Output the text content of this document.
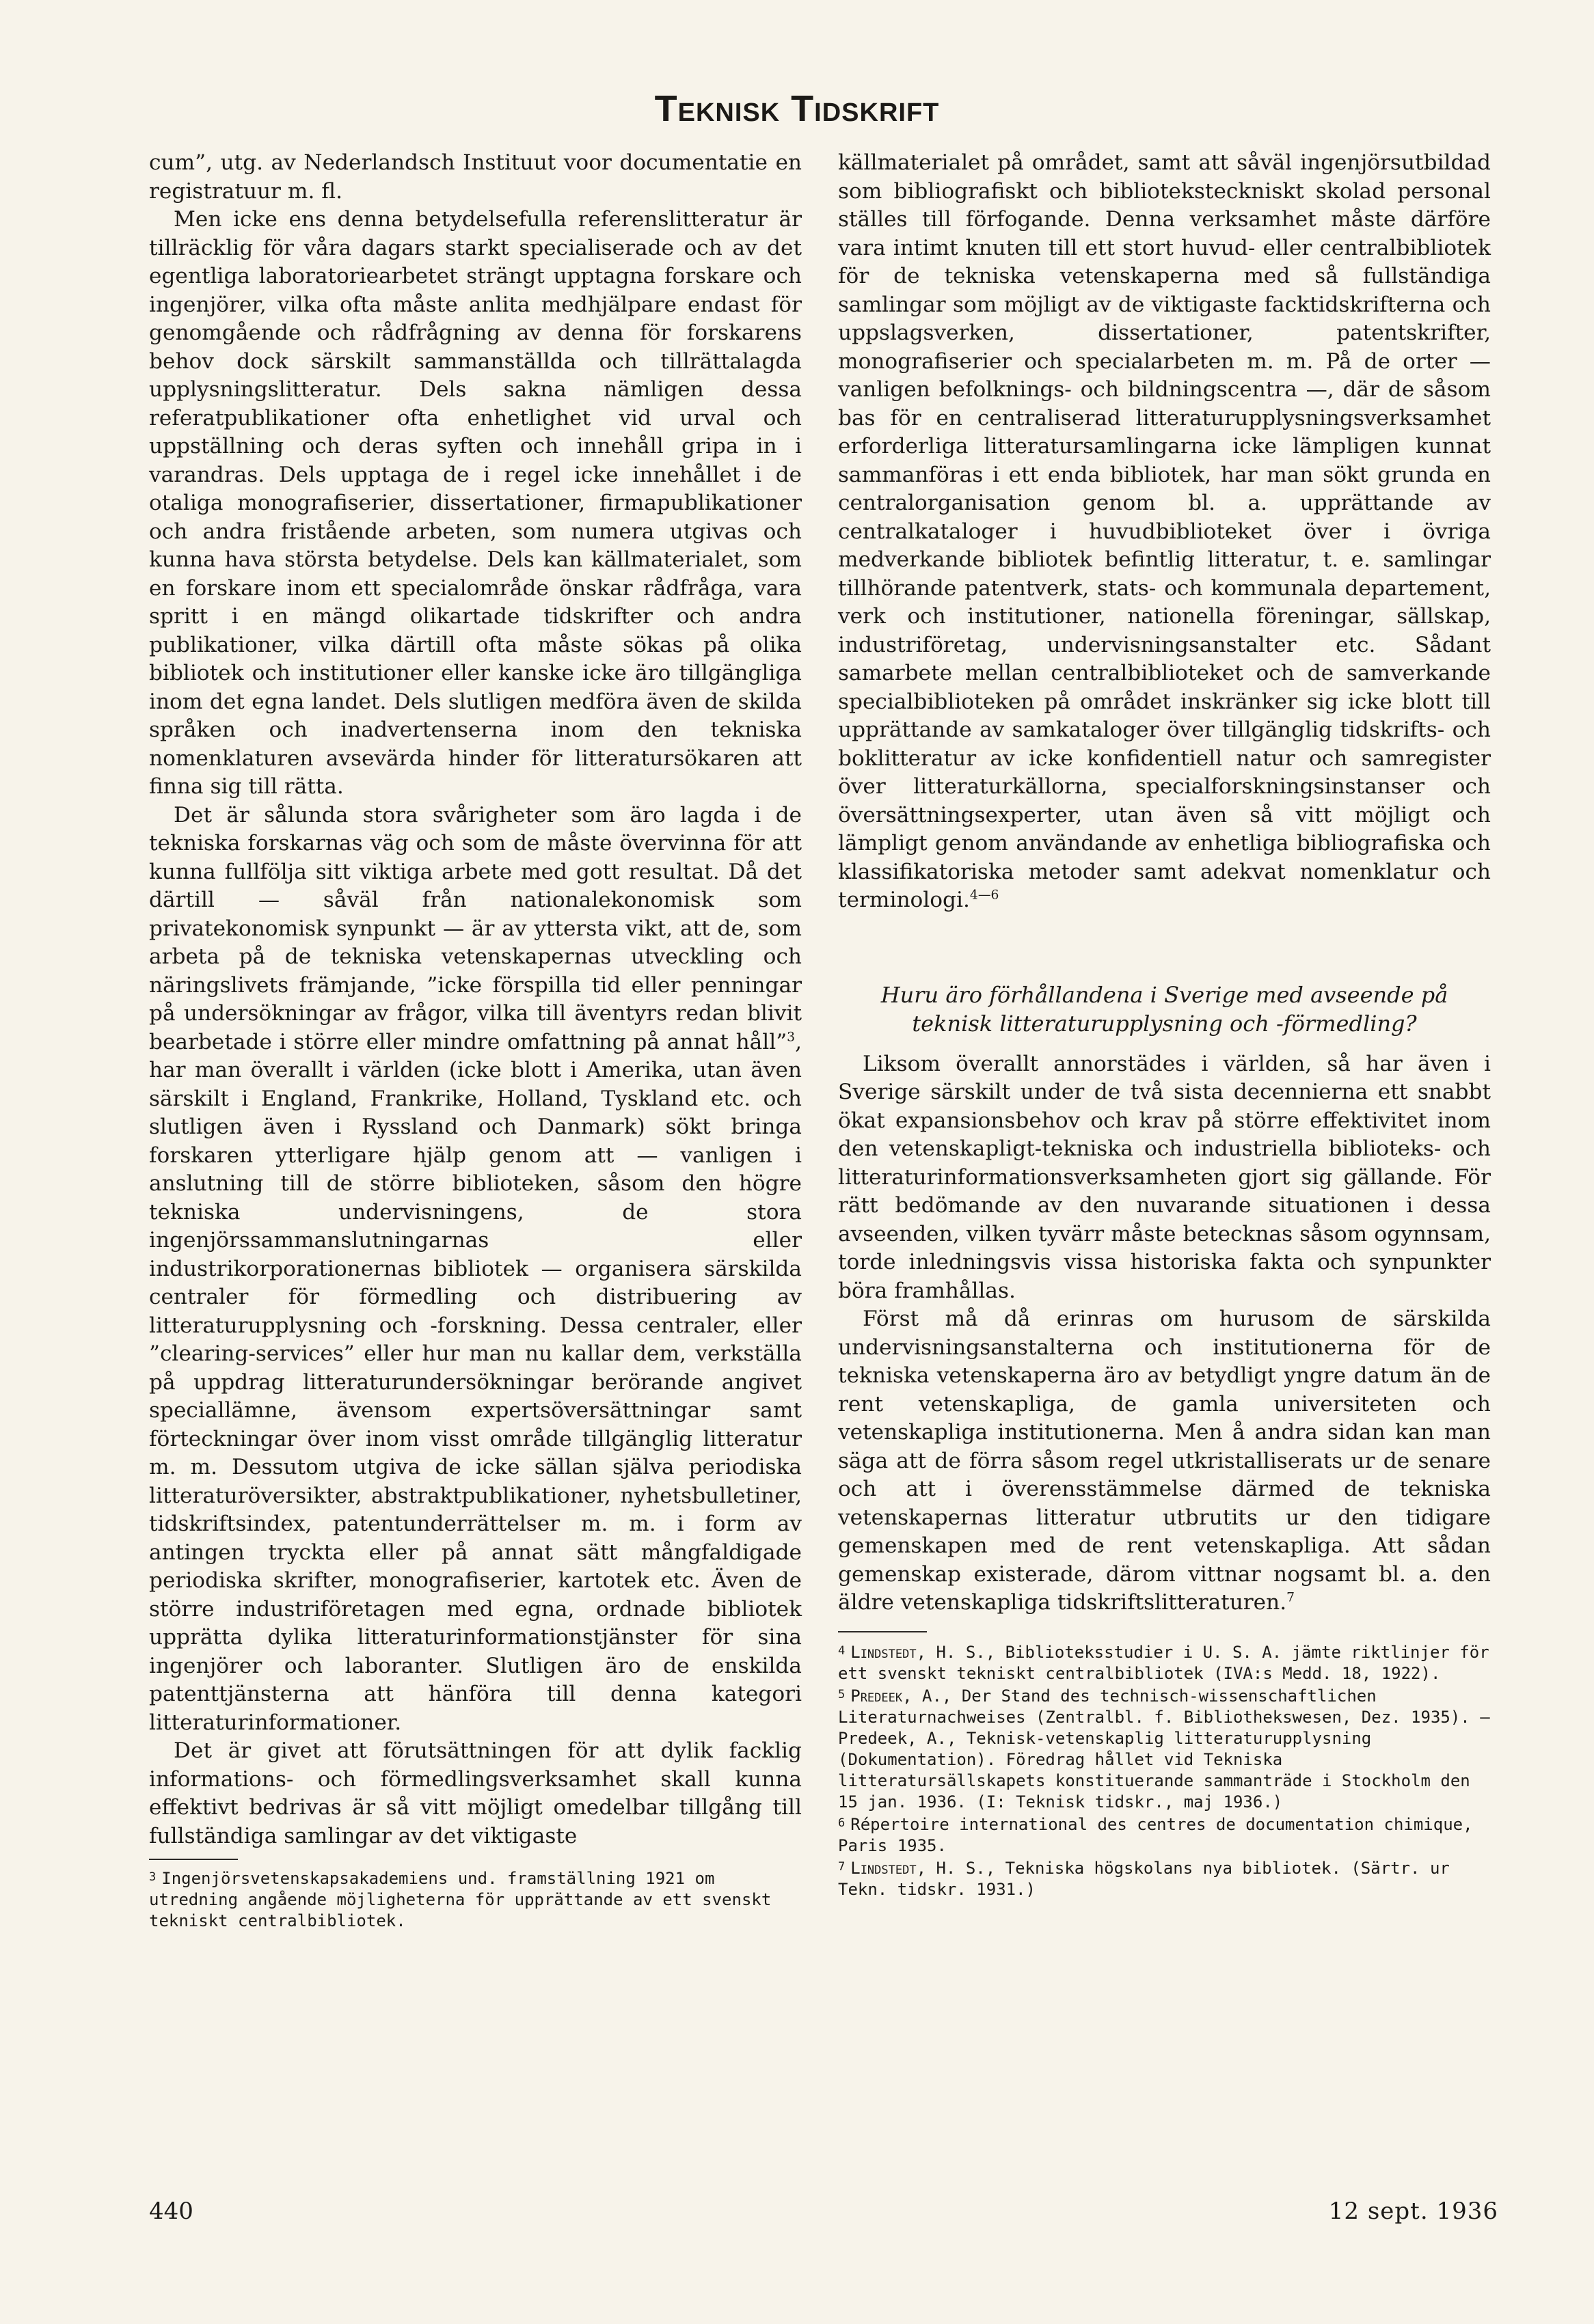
Teknisk Tidskrift

cum”, utg. av Nederlandsch Instituut voor documentatie en registratuur m. fl.

Men icke ens denna betydelsefulla referenslitteratur är tillräcklig för våra dagars starkt specialiserade och av det egentliga laboratoriearbetet strängt upptagna forskare och ingenjörer, vilka ofta måste anlita medhjälpare endast för genomgående och rådfrågning av denna för forskarens behov dock särskilt sammanställda och tillrättalagda upplysningslitteratur. Dels sakna nämligen dessa referatpublikationer ofta enhetlighet vid urval och uppställning och deras syften och innehåll gripa in i varandras. Dels upptaga de i regel icke innehållet i de otaliga monografiserier, dissertationer, firmapublikationer och andra fristående arbeten, som numera utgivas och kunna hava största betydelse. Dels kan källmaterialet, som en forskare inom ett specialområde önskar rådfråga, vara spritt i en mängd olikartade tidskrifter och andra publikationer, vilka därtill ofta måste sökas på olika bibliotek och institutioner eller kanske icke äro tillgängliga inom det egna landet. Dels slutligen medföra även de skilda språken och inadvertenserna inom den tekniska nomenklaturen avsevärda hinder för litteratursökaren att finna sig till rätta.

Det är sålunda stora svårigheter som äro lagda i de tekniska forskarnas väg och som de måste övervinna för att kunna fullfölja sitt viktiga arbete med gott resultat. Då det därtill — såväl från nationalekonomisk som privatekonomisk synpunkt — är av yttersta vikt, att de, som arbeta på de tekniska vetenskapernas utveckling och näringslivets främjande, ”icke förspilla tid eller penningar på undersökningar av frågor, vilka till äventyrs redan blivit bearbetade i större eller mindre omfattning på annat håll”$^3$, har man överallt i världen (icke blott i Amerika, utan även särskilt i England, Frankrike, Holland, Tyskland etc. och slutligen även i Ryssland och Danmark) sökt bringa forskaren ytterligare hjälp genom att — vanligen i anslutning till de större biblioteken, såsom den högre tekniska undervisningens, de stora ingenjörssammanslutningarnas eller industrikorporationernas bibliotek — organisera särskilda centraler för förmedling och distribuering av litteraturupplysning och -forskning. Dessa centraler, eller ”clearing-services” eller hur man nu kallar dem, verkställa på uppdrag litteraturundersökningar berörande angivet speciallämne, ävensom expertsöversättningar samt förteckningar över inom visst område tillgänglig litteratur m. m. Dessutom utgiva de icke sällan själva periodiska litteraturöversikter, abstraktpublikationer, nyhetsbulletiner, tidskriftsindex, patentunderrättelser m. m. i form av antingen tryckta eller på annat sätt mångfaldigade periodiska skrifter, monografiserier, kartotek etc. Även de större industriföretagen med egna, ordnade bibliotek upprätta dylika litteraturinformationstjänster för sina ingenjörer och laboranter. Slutligen äro de enskilda patenttjänsterna att hänföra till denna kategori litteraturinformationer.

Det är givet att förutsättningen för att dylik facklig informations- och förmedlingsverksamhet skall kunna effektivt bedrivas är så vitt möjligt omedelbar tillgång till fullständiga samlingar av det viktigaste

$^3$ Ingenjörsvetenskapsakademiens und. framställning 1921 om utredning angående möjligheterna för upprättande av ett svenskt tekniskt centralbibliotek.

källmaterialet på området, samt att såväl ingenjörsutbildad som bibliografiskt och biblioteksteckniskt skolad personal ställes till förfogande. Denna verksamhet måste därföre vara intimt knuten till ett stort huvud- eller centralbibliotek för de tekniska vetenskaperna med så fullständiga samlingar som möjligt av de viktigaste facktidskrifterna och uppslagsverken, dissertationer, patentskrifter, monografiserier och specialarbeten m. m. På de orter — vanligen befolknings- och bildningscentra —, där de såsom bas för en centraliserad litteraturupplysningsverksamhet erforderliga litteratursamlingarna icke lämpligen kunnat sammanföras i ett enda bibliotek, har man sökt grunda en centralorganisation genom bl. a. upprättande av centralkataloger i huvudbiblioteket över i övriga medverkande bibliotek befintlig litteratur, t. e. samlingar tillhörande patentverk, stats- och kommunala departement, verk och institutioner, nationella föreningar, sällskap, industriföretag, undervisningsanstalter etc. Sådant samarbete mellan centralbiblioteket och de samverkande specialbiblioteken på området inskränker sig icke blott till upprättande av samkataloger över tillgänglig tidskrifts- och boklitteratur av icke konfidentiell natur och samregister över litteraturkällorna, specialforskningsinstanser och översättningsexperter, utan även så vitt möjligt och lämpligt genom användande av enhetliga bibliografiska och klassifikatoriska metoder samt adekvat nomenklatur och terminologi.$^{4—6}$

Huru äro förhållandena i Sverige med avseende på teknisk litteraturupplysning och -förmedling?

Liksom överallt annorstädes i världen, så har även i Sverige särskilt under de två sista decennierna ett snabbt ökat expansionsbehov och krav på större effektivitet inom den vetenskapligt-tekniska och industriella biblioteks- och litteraturinformationsverksamheten gjort sig gällande. För rätt bedömande av den nuvarande situationen i dessa avseenden, vilken tyvärr måste betecknas såsom ogynnsam, torde inledningsvis vissa historiska fakta och synpunkter böra framhållas.

Först må då erinras om hurusom de särskilda undervisningsanstalterna och institutionerna för de tekniska vetenskaperna äro av betydligt yngre datum än de rent vetenskapliga, de gamla universiteten och vetenskapliga institutionerna. Men å andra sidan kan man säga att de förra såsom regel utkristalliserats ur de senare och att i överensstämmelse därmed de tekniska vetenskapernas litteratur utbrutits ur den tidigare gemenskapen med de rent vetenskapliga. Att sådan gemenskap existerade, därom vittnar nogsamt bl. a. den äldre vetenskapliga tidskriftslitteraturen.$^7$

$^4$ Lindstedt, H. S., Biblioteksstudier i U. S. A. jämte riktlinjer för ett svenskt tekniskt centralbibliotek (IVA:s Medd. 18, 1922).

$^5$ Predeek, A., Der Stand des technisch-wissenschaftlichen Literaturnachweises (Zentralbl. f. Bibliothekswesen, Dez. 1935). — Predeek, A., Teknisk-vetenskaplig litteraturupplysning (Dokumentation). Föredrag hållet vid Tekniska litteratursällskapets konstituerande sammanträde i Stockholm den 15 jan. 1936. (I: Teknisk tidskr., maj 1936.)

$^6$ Répertoire international des centres de documentation chimique, Paris 1935.

$^7$ Lindstedt, H. S., Tekniska högskolans nya bibliotek. (Särtr. ur Tekn. tidskr. 1931.)

440	12 sept. 1936
